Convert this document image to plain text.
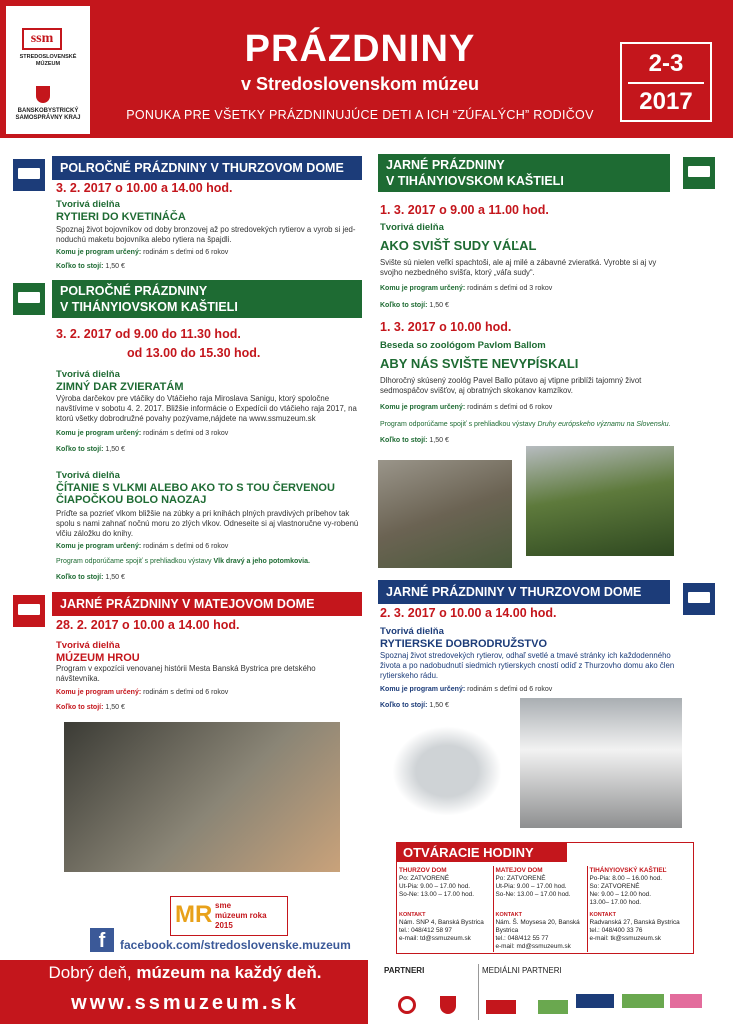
ssm
STREDOSLOVENSKÉ
MÚZEUM
BANSKOBYSTRICKÝ
SAMOSPRÁVNY KRAJ
PRÁZDNINY
v Stredoslovenskom múzeu
PONUKA PRE VŠETKY PRÁZDNINUJÚCE DETI A ICH “ZÚFALÝCH” RODIČOV
2-3
2017
POLROČNÉ PRÁZDNINY V THURZOVOM DOME
3. 2. 2017 o 10.00 a 14.00 hod.
Tvorivá dielňa
RYTIERI DO KVETINÁČA
Spoznaj život bojovníkov od doby bronzovej až po stredovekých rytierov a vyrob si jed-noduchú maketu bojovníka alebo rytiera na špajdli.
Komu je program určený: rodinám s deťmi od 6 rokov
Koľko to stojí: 1,50 €
POLROČNÉ PRÁZDNINY
V TIHÁNYIOVSKOM KAŠTIELI
3. 2. 2017 od 9.00 do 11.30 hod.
od 13.00 do 15.30 hod.
Tvorivá dielňa
ZIMNÝ DAR ZVIERATÁM
Výroba darčekov pre vtáčiky do Vtáčieho raja Miroslava Sanigu, ktorý spoločne navštívime v sobotu 4. 2. 2017. Bližšie informácie o Expedícii do vtáčieho raja 2017, na ktorú všetky dobrodružné povahy pozývame,nájdete na www.ssmuzeum.sk
Komu je program určený: rodinám s deťmi od 3 rokov
Koľko to stojí: 1,50 €
Tvorivá dielňa
ČÍTANIE S VLKMI ALEBO AKO TO S TOU ČERVENOU
ČIAPOČKOU BOLO NAOZAJ
Príďte sa pozrieť vlkom bližšie na zúbky a pri knihách plných pravdivých príbehov tak spolu s nami zahnať nočnú moru zo zlých vlkov. Odneseite si aj vlastnoručne vy-robenú vlčiu záložku do knihy.
Komu je program určený: rodinám s deťmi od 6 rokov
Program odporúčame spojiť s prehliadkou výstavy Vlk dravý a jeho potomkovia.
Koľko to stojí: 1,50 €
JARNÉ PRÁZDNINY V MATEJOVOM DOME
28. 2. 2017 o 10.00 a 14.00 hod.
Tvorivá dielňa
MÚZEUM HROU
Program v expozícii venovanej histórii Mesta Banská Bystrica pre detského návštevníka.
Komu je program určený: rodinám s deťmi od 6 rokov
Koľko to stojí: 1,50 €
MR sme
múzeum roka
2015
f	facebook.com/stredoslovenske.muzeum
JARNÉ PRÁZDNINY
V TIHÁNYIOVSKOM KAŠTIELI
1. 3. 2017 o 9.00 a 11.00 hod.
Tvorivá dielňa
AKO SVIŠŤ SUDY VÁĽAL
Svište sú nielen veľkí spachtoši, ale aj milé a zábavné zvieratká. Vyrobte si aj vy svojho nezbedného svišťa, ktorý „váľa sudy“.
Komu je program určený: rodinám s deťmi od 3 rokov
Koľko to stojí: 1,50 €
1. 3. 2017 o 10.00 hod.
Beseda so zoológom Pavlom Ballom
ABY NÁS SVIŠTE NEVYPÍSKALI
Dlhoročný skúsený zoológ Pavel Ballo pútavo aj vtipne priblíži tajomný život sedmospáčov svišťov, aj obratných skokanov kamzíkov.
Komu je program určený: rodinám s deťmi od 6 rokov
Program odporúčame spojiť s prehliadkou výstavy Druhy európskeho významu na Slovensku.
Koľko to stojí: 1,50 €
JARNÉ PRÁZDNINY V THURZOVOM DOME
2. 3. 2017 o 10.00 a 14.00 hod.
Tvorivá dielňa
RYTIERSKE DOBRODRUŽSTVO
Spoznaj život stredovekých rytierov, odhaľ svetlé a tmavé stránky ich každodenného života a po nadobudnutí siedmich rytierskych cností odíď z Thurzovho domu ako člen rytierskeho rádu.
Komu je program určený: rodinám s deťmi od 6 rokov
Koľko to stojí: 1,50 €
OTVÁRACIE HODINY
THURZOV DOM
Po: ZATVORENÉ
Ut-Pia: 9.00 – 17.00 hod.
So-Ne: 13.00 – 17.00 hod.
KONTAKT
Nám. SNP 4, Banská Bystrica
tel.: 048/412 58 97
e-mail: td@ssmuzeum.sk
	MATEJOV DOM
Po: ZATVORENÉ
Ut-Pia: 9.00 – 17.00 hod.
So-Ne: 13.00 – 17.00 hod.
KONTAKT
Nám. Š. Moysesa 20, Banská Bystrica
tel.: 048/412 55 77
e-mail: md@ssmuzeum.sk
	TIHÁNYIOVSKÝ KAŠTIEĽ
Po-Pia: 8.00 – 16.00 hod.
So: ZATVORENÉ
Ne: 9.00 – 12.00 hod.
13.00– 17.00 hod.
KONTAKT
Radvanská 27, Banská Bystrica
tel.: 048/400 33 76
e-mail: tk@ssmuzeum.sk
Dobrý deň, múzeum na každý deň.
www.ssmuzeum.sk
PARTNERI	MEDIÁLNI PARTNERI
